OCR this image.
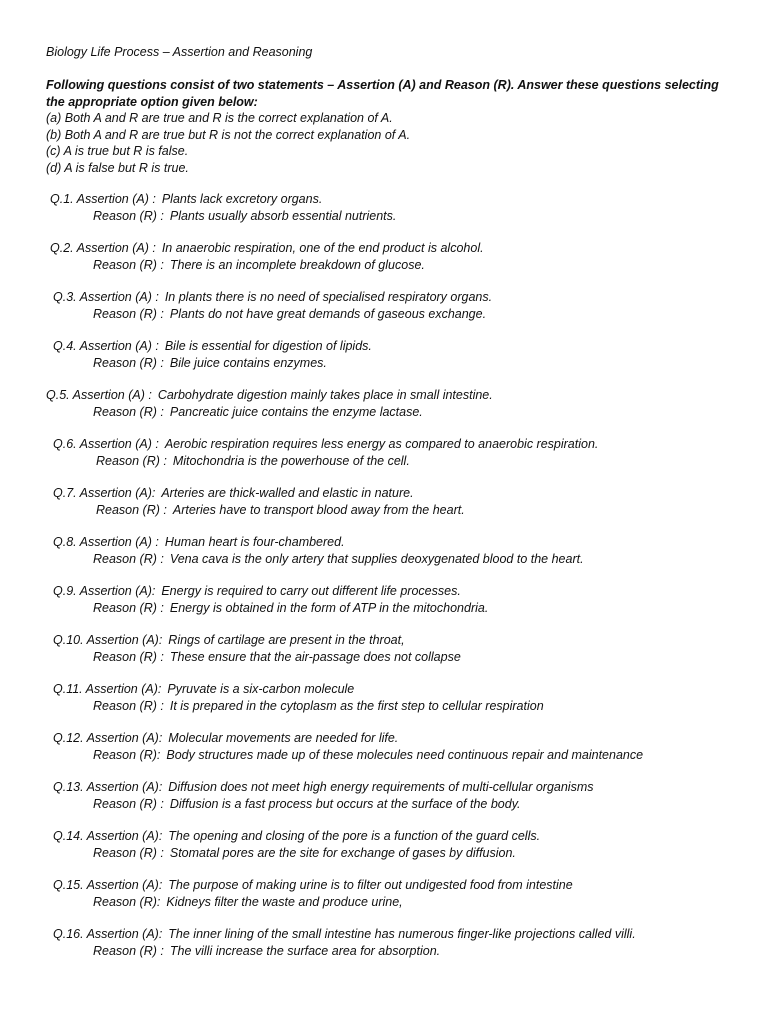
Biology Life Process – Assertion and Reasoning
Following questions consist of two statements – Assertion (A) and Reason (R). Answer these questions selecting the appropriate option given below:
(a) Both A and R are true and R is the correct explanation of A.
(b) Both A and R are true but R is not the correct explanation of A.
(c) A is true but R is false.
(d) A is false but R is true.
Q.1. Assertion (A) : Plants lack excretory organs.
Reason (R) : Plants usually absorb essential nutrients.
Q.2. Assertion (A) : In anaerobic respiration, one of the end product is alcohol.
Reason (R) : There is an incomplete breakdown of glucose.
Q.3. Assertion (A) : In plants there is no need of specialised respiratory organs.
Reason (R) : Plants do not have great demands of gaseous exchange.
Q.4. Assertion (A) : Bile is essential for digestion of lipids.
Reason (R) : Bile juice contains enzymes.
Q.5. Assertion (A) : Carbohydrate digestion mainly takes place in small intestine.
Reason (R) : Pancreatic juice contains the enzyme lactase.
Q.6. Assertion (A) : Aerobic respiration requires less energy as compared to anaerobic respiration.
Reason (R) : Mitochondria is the powerhouse of the cell.
Q.7. Assertion (A): Arteries are thick-walled and elastic in nature.
Reason (R) : Arteries have to transport blood away from the heart.
Q.8. Assertion (A) : Human heart is four-chambered.
Reason (R) : Vena cava is the only artery that supplies deoxygenated blood to the heart.
Q.9. Assertion (A): Energy is required to carry out different life processes.
Reason (R) : Energy is obtained in the form of ATP in the mitochondria.
Q.10. Assertion (A): Rings of cartilage are present in the throat,
Reason (R) : These ensure that the air-passage does not collapse
Q.11. Assertion (A): Pyruvate is a six-carbon molecule
Reason (R) : It is prepared in the cytoplasm as the first step to cellular respiration
Q.12. Assertion (A): Molecular movements are needed for life.
Reason (R): Body structures made up of these molecules need continuous repair and maintenance
Q.13. Assertion (A): Diffusion does not meet high energy requirements of multi-cellular organisms
Reason (R) : Diffusion is a fast process but occurs at the surface of the body.
Q.14. Assertion (A): The opening and closing of the pore is a function of the guard cells.
Reason (R) : Stomatal pores are the site for exchange of gases by diffusion.
Q.15. Assertion (A): The purpose of making urine is to filter out undigested food from intestine
Reason (R): Kidneys filter the waste and produce urine,
Q.16. Assertion (A): The inner lining of the small intestine has numerous finger-like projections called villi.
Reason (R) : The villi increase the surface area for absorption.
